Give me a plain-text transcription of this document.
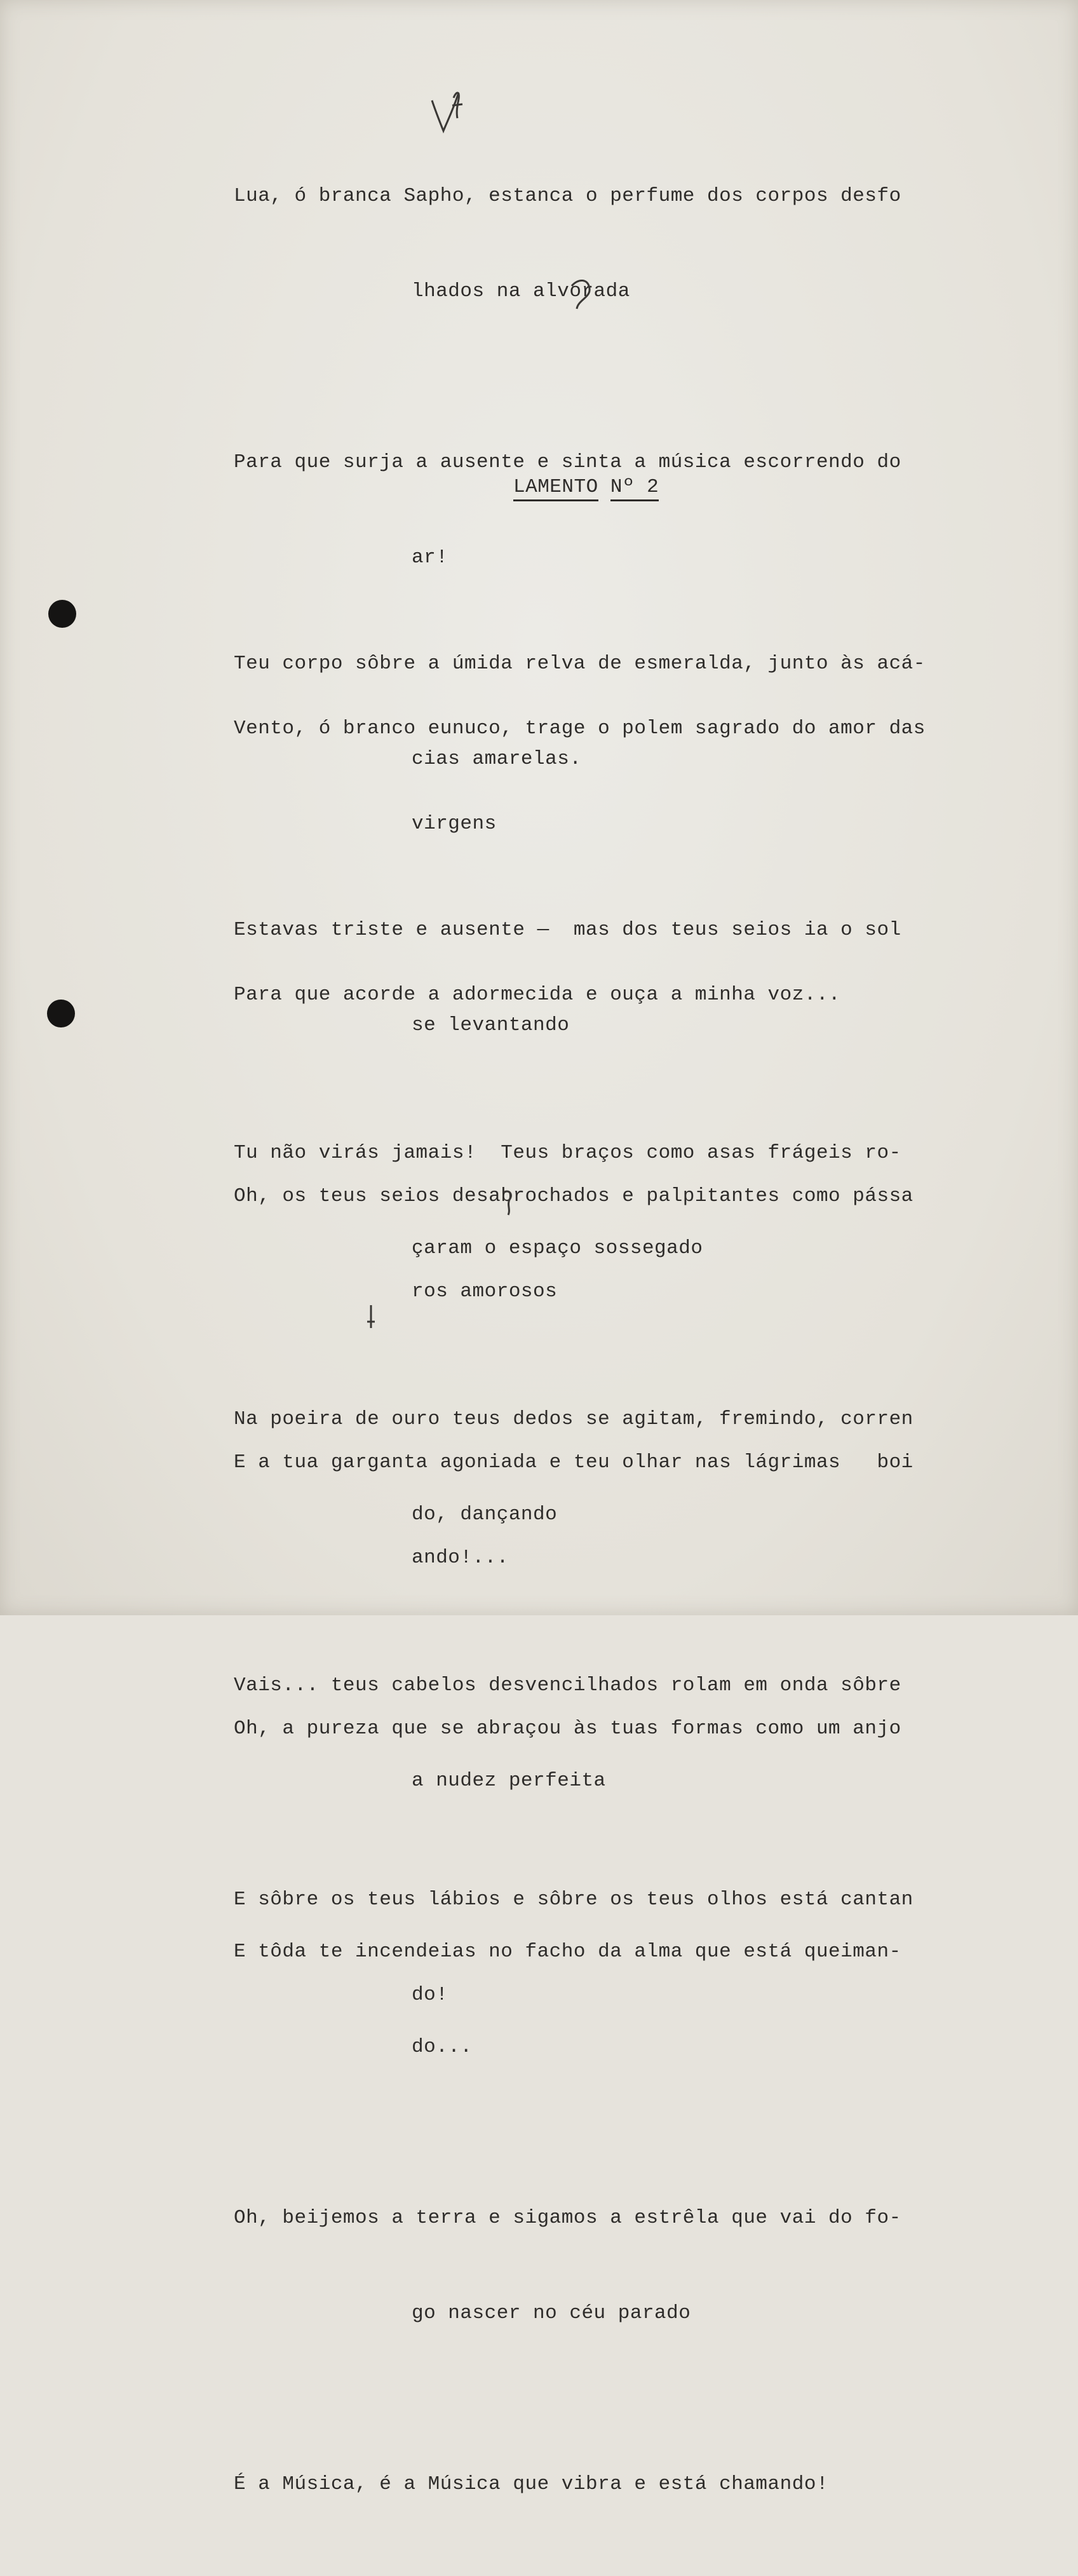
Lua, ó branca Sapho, estanca o perfume dos corpos desfo

lhados na alvorada

Para que surja a ausente e sinta a música escorrendo do

ar!

Vento, ó branco eunuco, trage o polem sagrado do amor das

virgens

Para que acorde a adormecida e ouça a minha voz...

LAMENTO Nº 2

Teu corpo sôbre a úmida relva de esmeralda, junto às acá-

cias amarelas.

Estavas triste e ausente —  mas dos teus seios ia o sol

se levantando

Oh, os teus seios desabrochados e palpitantes como pássa

ros amorosos

E a tua garganta agoniada e teu olhar nas lágrimas   boi

ando!...

Oh, a pureza que se abraçou às tuas formas como um anjo

E sôbre os teus lábios e sôbre os teus olhos está cantan

do!

Tu não virás jamais!  Teus braços como asas frágeis ro-

çaram o espaço sossegado

Na poeira de ouro teus dedos se agitam, fremindo, corren

do, dançando

Vais... teus cabelos desvencilhados rolam em onda sôbre

a nudez perfeita

E tôda te incendeias no facho da alma que está queiman-

do...

Oh, beijemos a terra e sigamos a estrêla que vai do fo-

go nascer no céu parado

É a Música, é a Música que vibra e está chamando!
